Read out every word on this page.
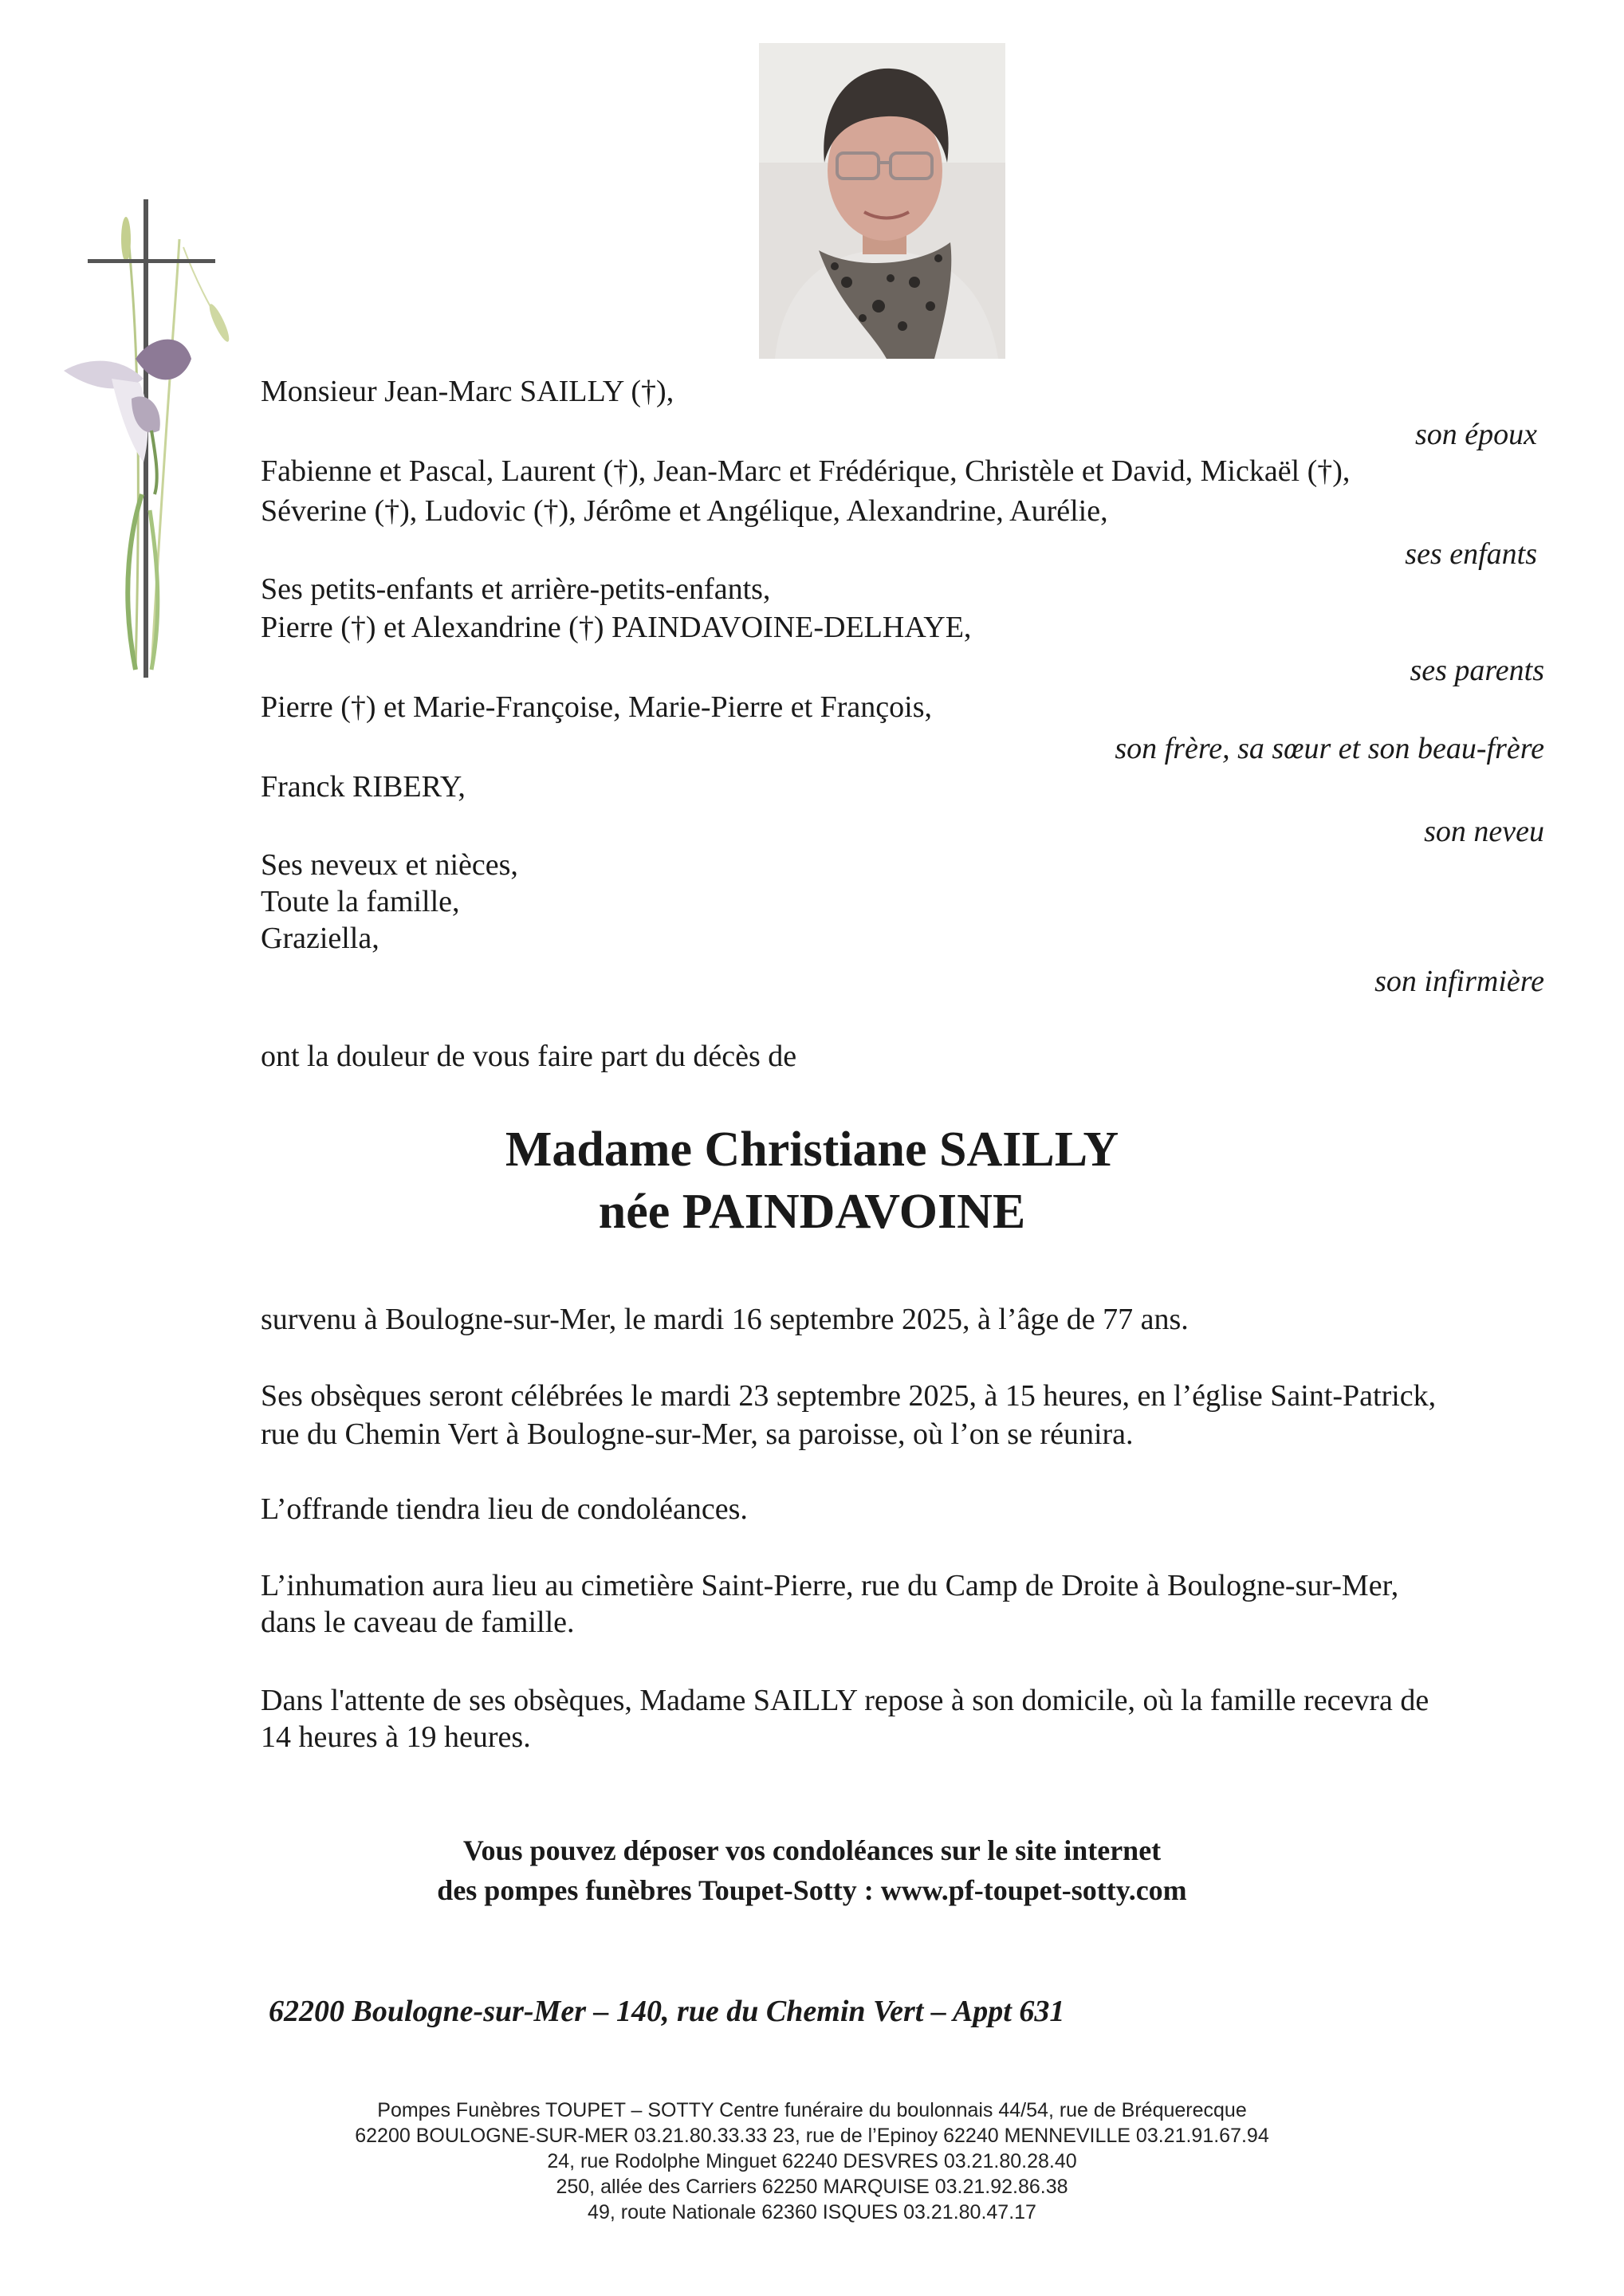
Monsieur Jean-Marc SAILLY (†),
son époux
Fabienne et Pascal, Laurent (†), Jean-Marc et Frédérique, Christèle et David, Mickaël (†),
Séverine (†), Ludovic (†), Jérôme et Angélique, Alexandrine, Aurélie,
ses enfants
Ses petits-enfants et arrière-petits-enfants,
Pierre (†) et Alexandrine (†) PAINDAVOINE-DELHAYE,
ses parents
Pierre (†) et Marie-Françoise, Marie-Pierre et François,
son frère, sa sœur et son beau-frère
Franck RIBERY,
son neveu
Ses neveux et nièces,
Toute la famille,
Graziella,
son infirmière
ont la douleur de vous faire part du décès de
Madame Christiane SAILLY
née PAINDAVOINE
survenu à Boulogne-sur-Mer, le mardi 16 septembre 2025, à l’âge de 77 ans.
Ses obsèques seront célébrées le mardi 23 septembre 2025, à 15 heures, en l’église Saint-Patrick,
rue du Chemin Vert à Boulogne-sur-Mer, sa paroisse, où l’on se réunira.
L’offrande tiendra lieu de condoléances.
L’inhumation aura lieu au cimetière Saint-Pierre, rue du Camp de Droite à Boulogne-sur-Mer,
dans le caveau de famille.
Dans l'attente de ses obsèques, Madame SAILLY repose à son domicile, où la famille recevra de
14 heures à 19 heures.
Vous pouvez déposer vos condoléances sur le site internet
des pompes funèbres Toupet-Sotty : www.pf-toupet-sotty.com
62200 Boulogne-sur-Mer – 140, rue du Chemin Vert – Appt 631
Pompes Funèbres TOUPET – SOTTY Centre funéraire du boulonnais 44/54, rue de Bréquerecque
62200 BOULOGNE-SUR-MER 03.21.80.33.33 23, rue de l’Epinoy 62240 MENNEVILLE 03.21.91.67.94
24, rue Rodolphe Minguet 62240 DESVRES 03.21.80.28.40
250, allée des Carriers 62250 MARQUISE 03.21.92.86.38
49, route Nationale 62360 ISQUES 03.21.80.47.17
